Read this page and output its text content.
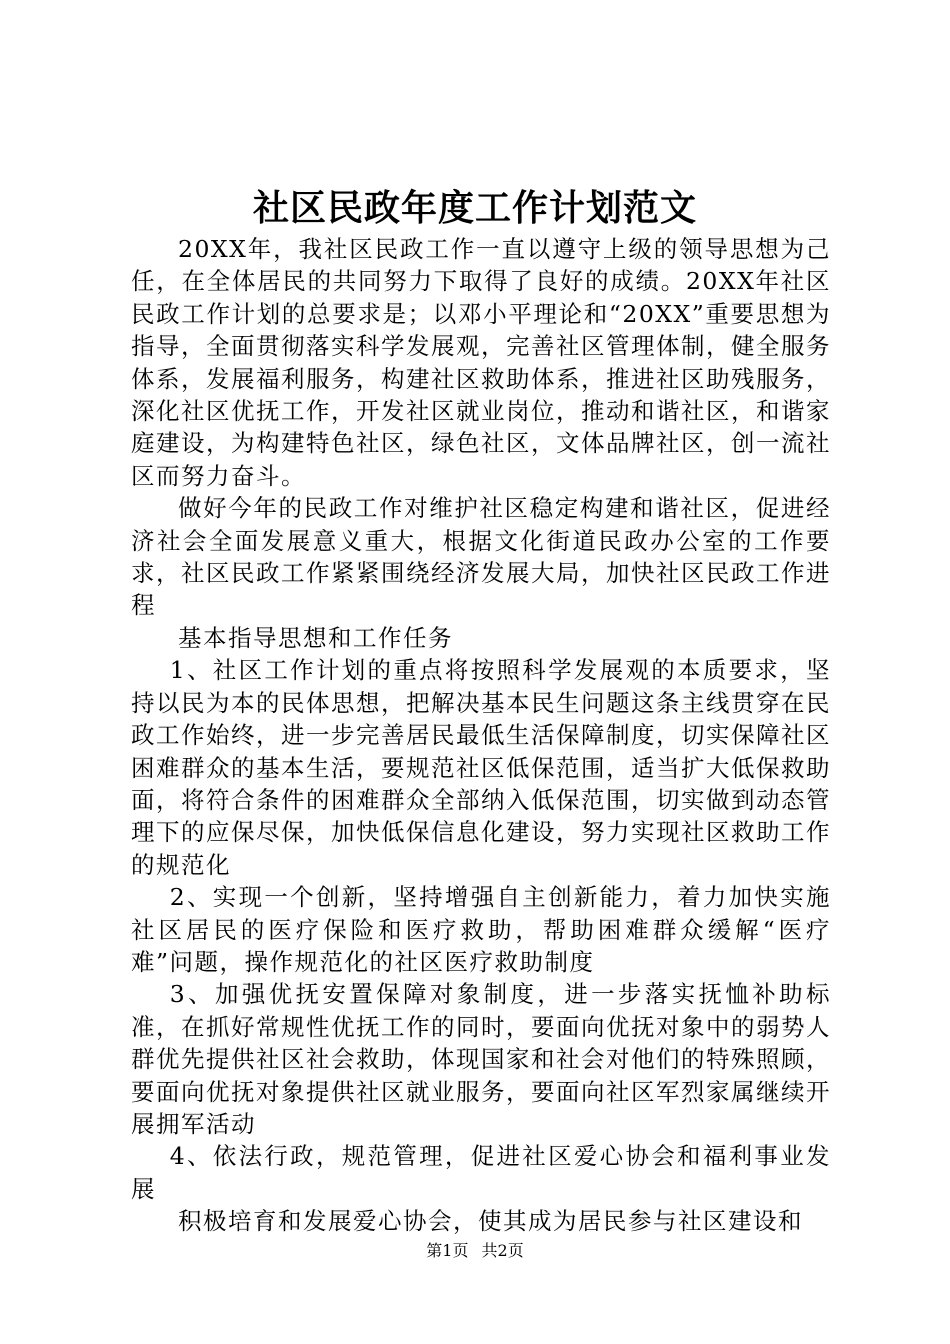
社区民政年度工作计划范文

20XX年，我社区民政工作一直以遵守上级的领导思想为己任，在全体居民的共同努力下取得了良好的成绩。20XX年社区民政工作计划的总要求是；以邓小平理论和“20XX”重要思想为指导，全面贯彻落实科学发展观，完善社区管理体制，健全服务体系，发展福利服务，构建社区救助体系，推进社区助残服务，深化社区优抚工作，开发社区就业岗位，推动和谐社区，和谐家庭建设，为构建特色社区，绿色社区，文体品牌社区，创一流社区而努力奋斗。

做好今年的民政工作对维护社区稳定构建和谐社区，促进经济社会全面发展意义重大，根据文化街道民政办公室的工作要求，社区民政工作紧紧围绕经济发展大局，加快社区民政工作进程

基本指导思想和工作任务

1、社区工作计划的重点将按照科学发展观的本质要求，坚持以民为本的民体思想，把解决基本民生问题这条主线贯穿在民政工作始终，进一步完善居民最低生活保障制度，切实保障社区困难群众的基本生活，要规范社区低保范围，适当扩大低保救助面，将符合条件的困难群众全部纳入低保范围，切实做到动态管理下的应保尽保，加快低保信息化建设，努力实现社区救助工作的规范化

2、实现一个创新，坚持增强自主创新能力，着力加快实施社区居民的医疗保险和医疗救助，帮助困难群众缓解“医疗难”问题，操作规范化的社区医疗救助制度

3、加强优抚安置保障对象制度，进一步落实抚恤补助标准，在抓好常规性优抚工作的同时，要面向优抚对象中的弱势人群优先提供社区社会救助，体现国家和社会对他们的特殊照顾，要面向优抚对象提供社区就业服务，要面向社区军烈家属继续开展拥军活动

4、依法行政，规范管理，促进社区爱心协会和福利事业发展

积极培育和发展爱心协会，使其成为居民参与社区建设和

第1页 共2页
